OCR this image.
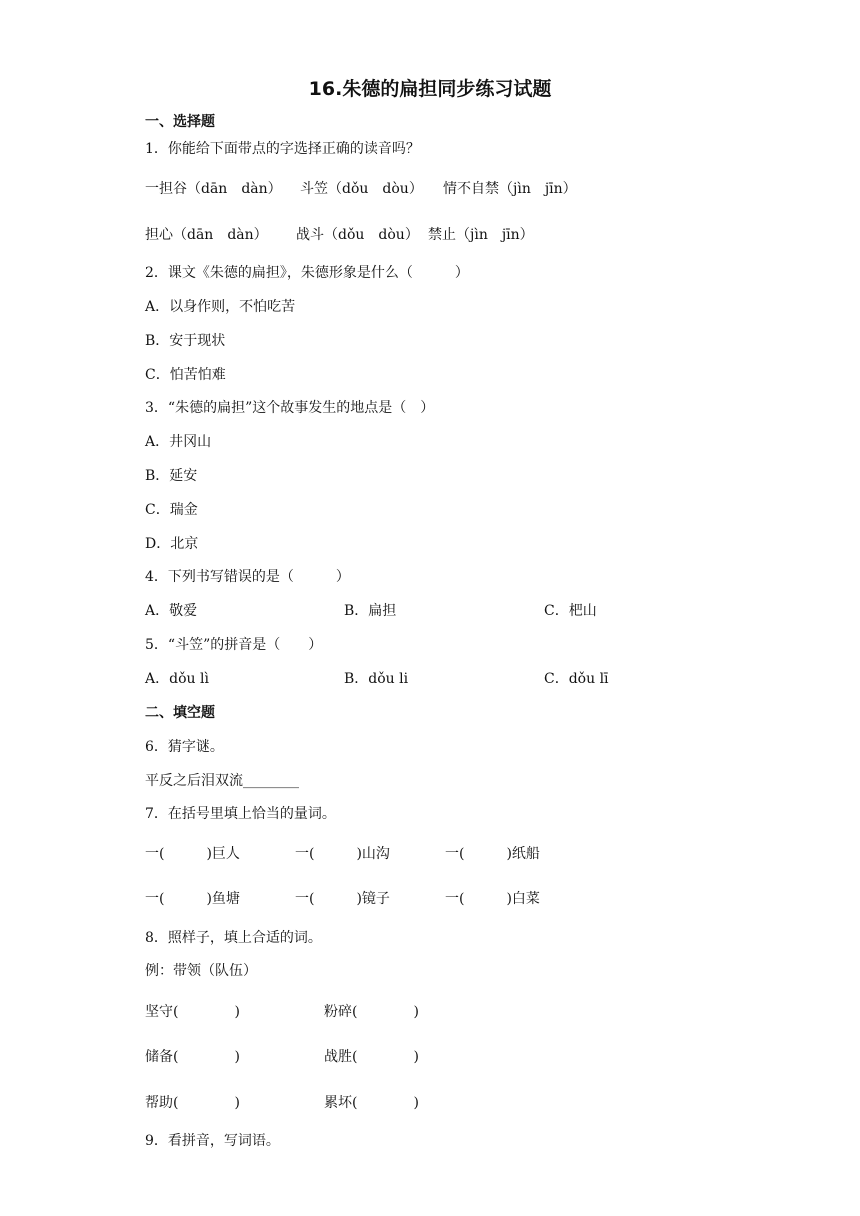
16.朱德的扁担同步练习试题
一、选择题
1．你能给下面带点的字选择正确的读音吗？
一担谷（dān　dàn） 斗笠（dǒu　dòu） 情不自禁（jìn　jīn）
担心（dān　dàn） 战斗（dǒu　dòu） 禁止（jìn　jīn）
2．课文《朱德的扁担》，朱德形象是什么（　　　）
A．以身作则，不怕吃苦
B．安于现状
C．怕苦怕难
3．“朱德的扁担”这个故事发生的地点是（　）
A．井冈山
B．延安
C．瑞金
D．北京
4．下列书写错误的是（　　　）
A．敬爱	B．扁担	C．杷山
5．“斗笠”的拼音是（　　）
A．dǒu lì	B．dǒu li	C．dǒu lī
二、填空题
6．猜字谜。
平反之后泪双流________
7．在括号里填上恰当的量词。
一(　　　)巨人	一(　　　)山沟	一(　　　)纸船
一(　　　)鱼塘	一(　　　)镜子	一(　　　)白菜
8．照样子，填上合适的词。
例：带领（队伍）
坚守(　　　　)	粉碎(　　　　)
储备(　　　　)	战胜(　　　　)
帮助(　　　　)	累坏(　　　　)
9．看拼音，写词语。
